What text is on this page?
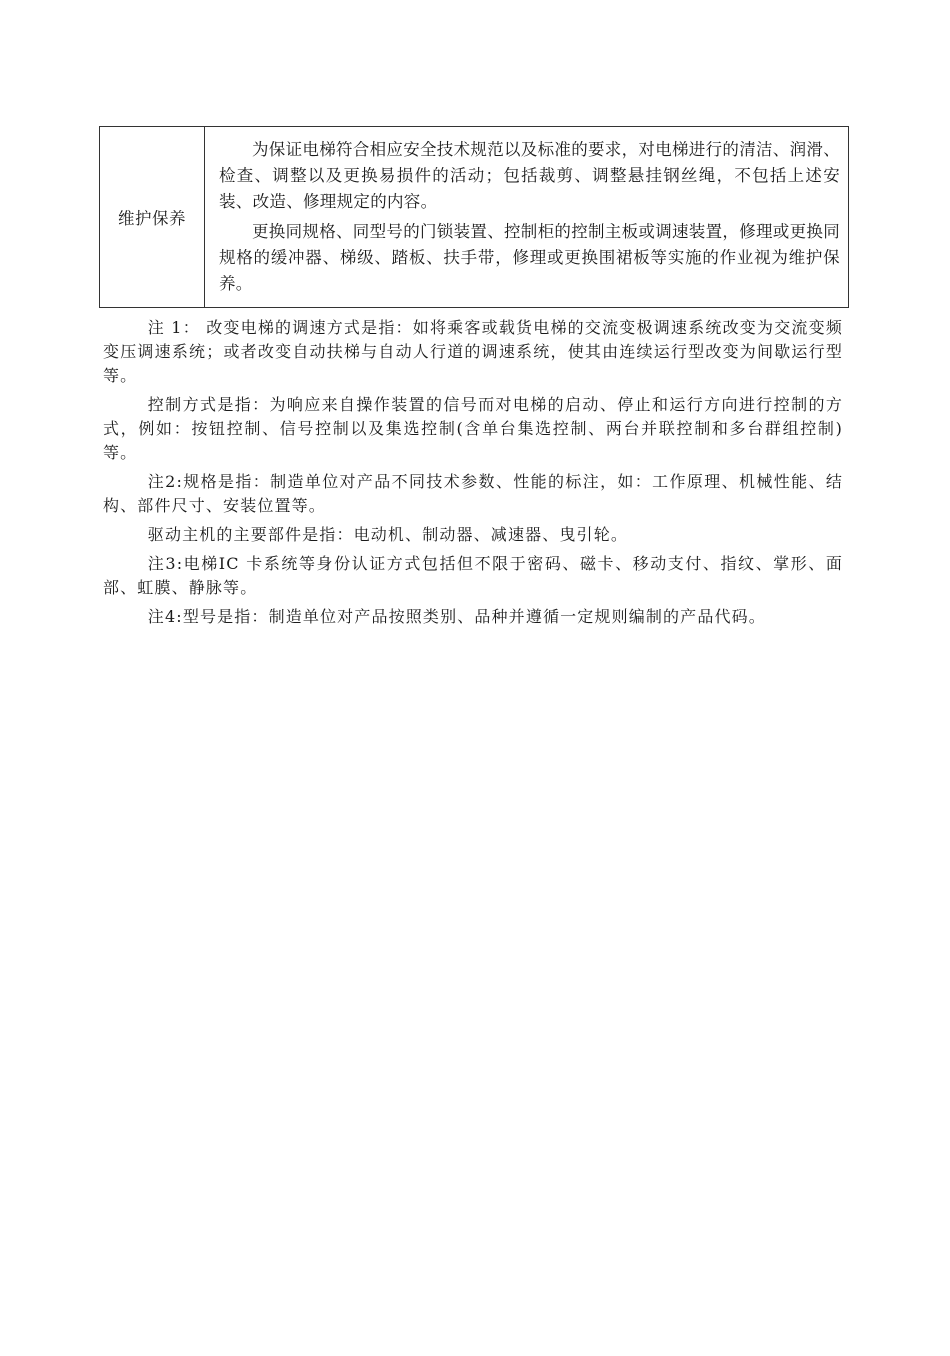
维护保养	

为保证电梯符合相应安全技术规范以及标准的要求，对电梯进行的清洁、润滑、检查、调整以及更换易损件的活动；包括裁剪、调整悬挂钢丝绳，不包括上述安装、改造、修理规定的内容。

更换同规格、同型号的门锁装置、控制柜的控制主板或调速装置，修理或更换同规格的缓冲器、梯级、踏板、扶手带，修理或更换围裙板等实施的作业视为维护保养。

注 1： 改变电梯的调速方式是指：如将乘客或载货电梯的交流变极调速系统改变为交流变频变压调速系统；或者改变自动扶梯与自动人行道的调速系统，使其由连续运行型改变为间歇运行型等。

控制方式是指：为响应来自操作装置的信号而对电梯的启动、停止和运行方向进行控制的方式，例如：按钮控制、信号控制以及集选控制(含单台集选控制、两台并联控制和多台群组控制)等。

注2:规格是指：制造单位对产品不同技术参数、性能的标注，如：工作原理、机械性能、结构、部件尺寸、安装位置等。

驱动主机的主要部件是指：电动机、制动器、减速器、曳引轮。

注3:电梯IC 卡系统等身份认证方式包括但不限于密码、磁卡、移动支付、指纹、掌形、面部、虹膜、静脉等。

注4:型号是指：制造单位对产品按照类别、品种并遵循一定规则编制的产品代码。
